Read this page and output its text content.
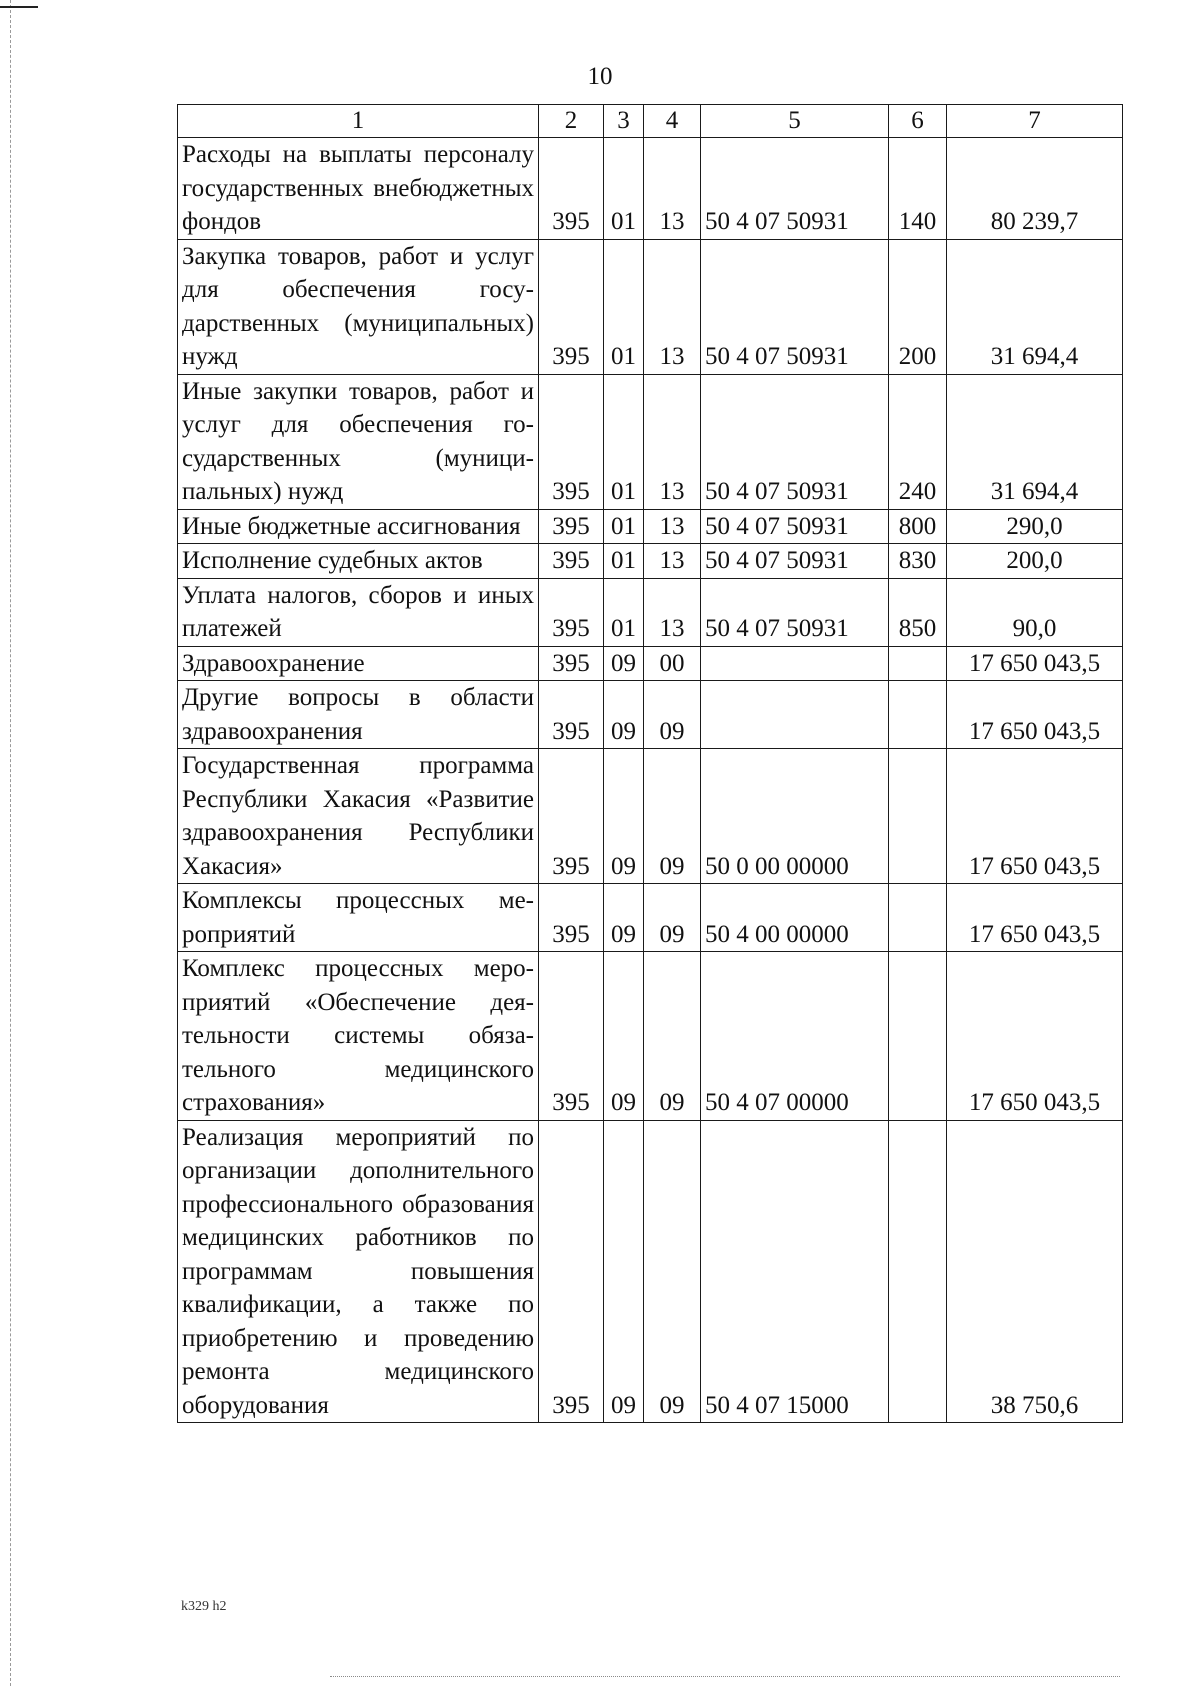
10
1	2	3	4	5	6	7
Расходы на выплаты персоналу государственных внебюджетных фондов	395	01	13	50 4 07 50931	140	80 239,7
Закупка товаров, работ и услуг для обеспечения государственных (муниципальных) нужд	395	01	13	50 4 07 50931	200	31 694,4
Иные закупки товаров, работ и услуг для обеспечения государственных (муниципальных) нужд	395	01	13	50 4 07 50931	240	31 694,4
Иные бюджетные ассигнования	395	01	13	50 4 07 50931	800	290,0
Исполнение судебных актов	395	01	13	50 4 07 50931	830	200,0
Уплата налогов, сборов и иных платежей	395	01	13	50 4 07 50931	850	90,0
Здравоохранение	395	09	00			17 650 043,5
Другие вопросы в области здравоохранения	395	09	09			17 650 043,5
Государственная программа Республики Хакасия «Развитие здравоохранения Республики Хакасия»	395	09	09	50 0 00 00000		17 650 043,5
Комплексы процессных мероприятий	395	09	09	50 4 00 00000		17 650 043,5
Комплекс процессных мероприятий «Обеспечение деятельности системы обязательного медицинского страхования»	395	09	09	50 4 07 00000		17 650 043,5
Реализация мероприятий по организации дополнительного профессионального образования медицинских работников по программам повышения квалификации, а также по приобретению и проведению ремонта медицинского оборудования	395	09	09	50 4 07 15000		38 750,6
k329 h2
